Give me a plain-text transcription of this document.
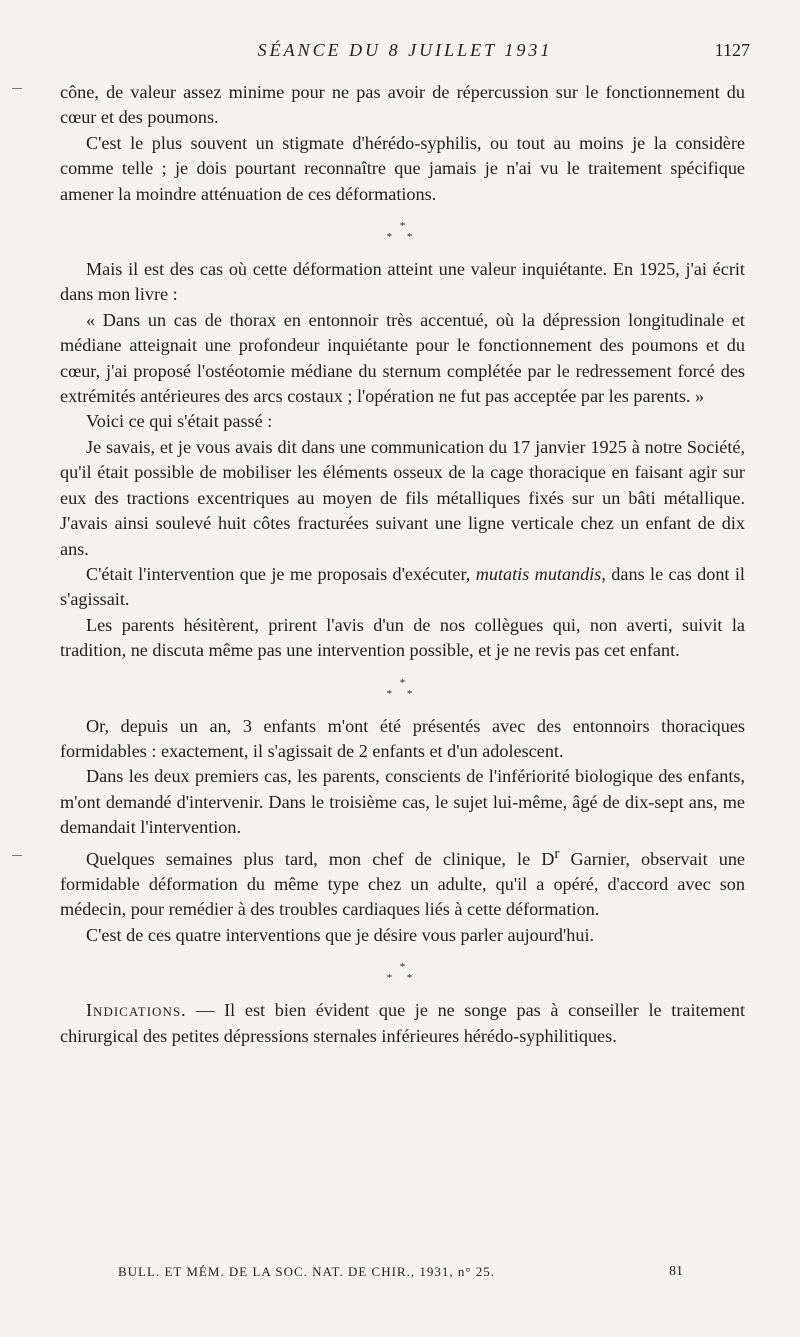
SÉANCE DU 8 JUILLET 1931	1127

cône, de valeur assez minime pour ne pas avoir de répercussion sur le fonctionnement du cœur et des poumons.

C'est le plus souvent un stigmate d'hérédo-syphilis, ou tout au moins je la considère comme telle ; je dois pourtant reconnaître que jamais je n'ai vu le traitement spécifique amener la moindre atténuation de ces déformations.

*
* *

Mais il est des cas où cette déformation atteint une valeur inquiétante. En 1925, j'ai écrit dans mon livre :

« Dans un cas de thorax en entonnoir très accentué, où la dépression longitudinale et médiane atteignait une profondeur inquiétante pour le fonctionnement des poumons et du cœur, j'ai proposé l'ostéotomie médiane du sternum complétée par le redressement forcé des extrémités antérieures des arcs costaux ; l'opération ne fut pas acceptée par les parents. »

Voici ce qui s'était passé :

Je savais, et je vous avais dit dans une communication du 17 janvier 1925 à notre Société, qu'il était possible de mobiliser les éléments osseux de la cage thoracique en faisant agir sur eux des tractions excentriques au moyen de fils métalliques fixés sur un bâti métallique. J'avais ainsi soulevé huit côtes fracturées suivant une ligne verticale chez un enfant de dix ans.

C'était l'intervention que je me proposais d'exécuter, mutatis mutandis, dans le cas dont il s'agissait.

Les parents hésitèrent, prirent l'avis d'un de nos collègues qui, non averti, suivit la tradition, ne discuta même pas une intervention possible, et je ne revis pas cet enfant.

*
* *

Or, depuis un an, 3 enfants m'ont été présentés avec des entonnoirs thoraciques formidables : exactement, il s'agissait de 2 enfants et d'un adolescent.

Dans les deux premiers cas, les parents, conscients de l'infériorité biologique des enfants, m'ont demandé d'intervenir. Dans le troisième cas, le sujet lui-même, âgé de dix-sept ans, me demandait l'intervention.

Quelques semaines plus tard, mon chef de clinique, le $D^r$ Garnier, observait une formidable déformation du même type chez un adulte, qu'il a opéré, d'accord avec son médecin, pour remédier à des troubles cardiaques liés à cette déformation.

C'est de ces quatre interventions que je désire vous parler aujourd'hui.

*
* *

Indications. — Il est bien évident que je ne songe pas à conseiller le traitement chirurgical des petites dépressions sternales inférieures hérédo-syphilitiques.

BULL. ET MÉM. DE LA SOC. NAT. DE CHIR., 1931, n° 25.	81
